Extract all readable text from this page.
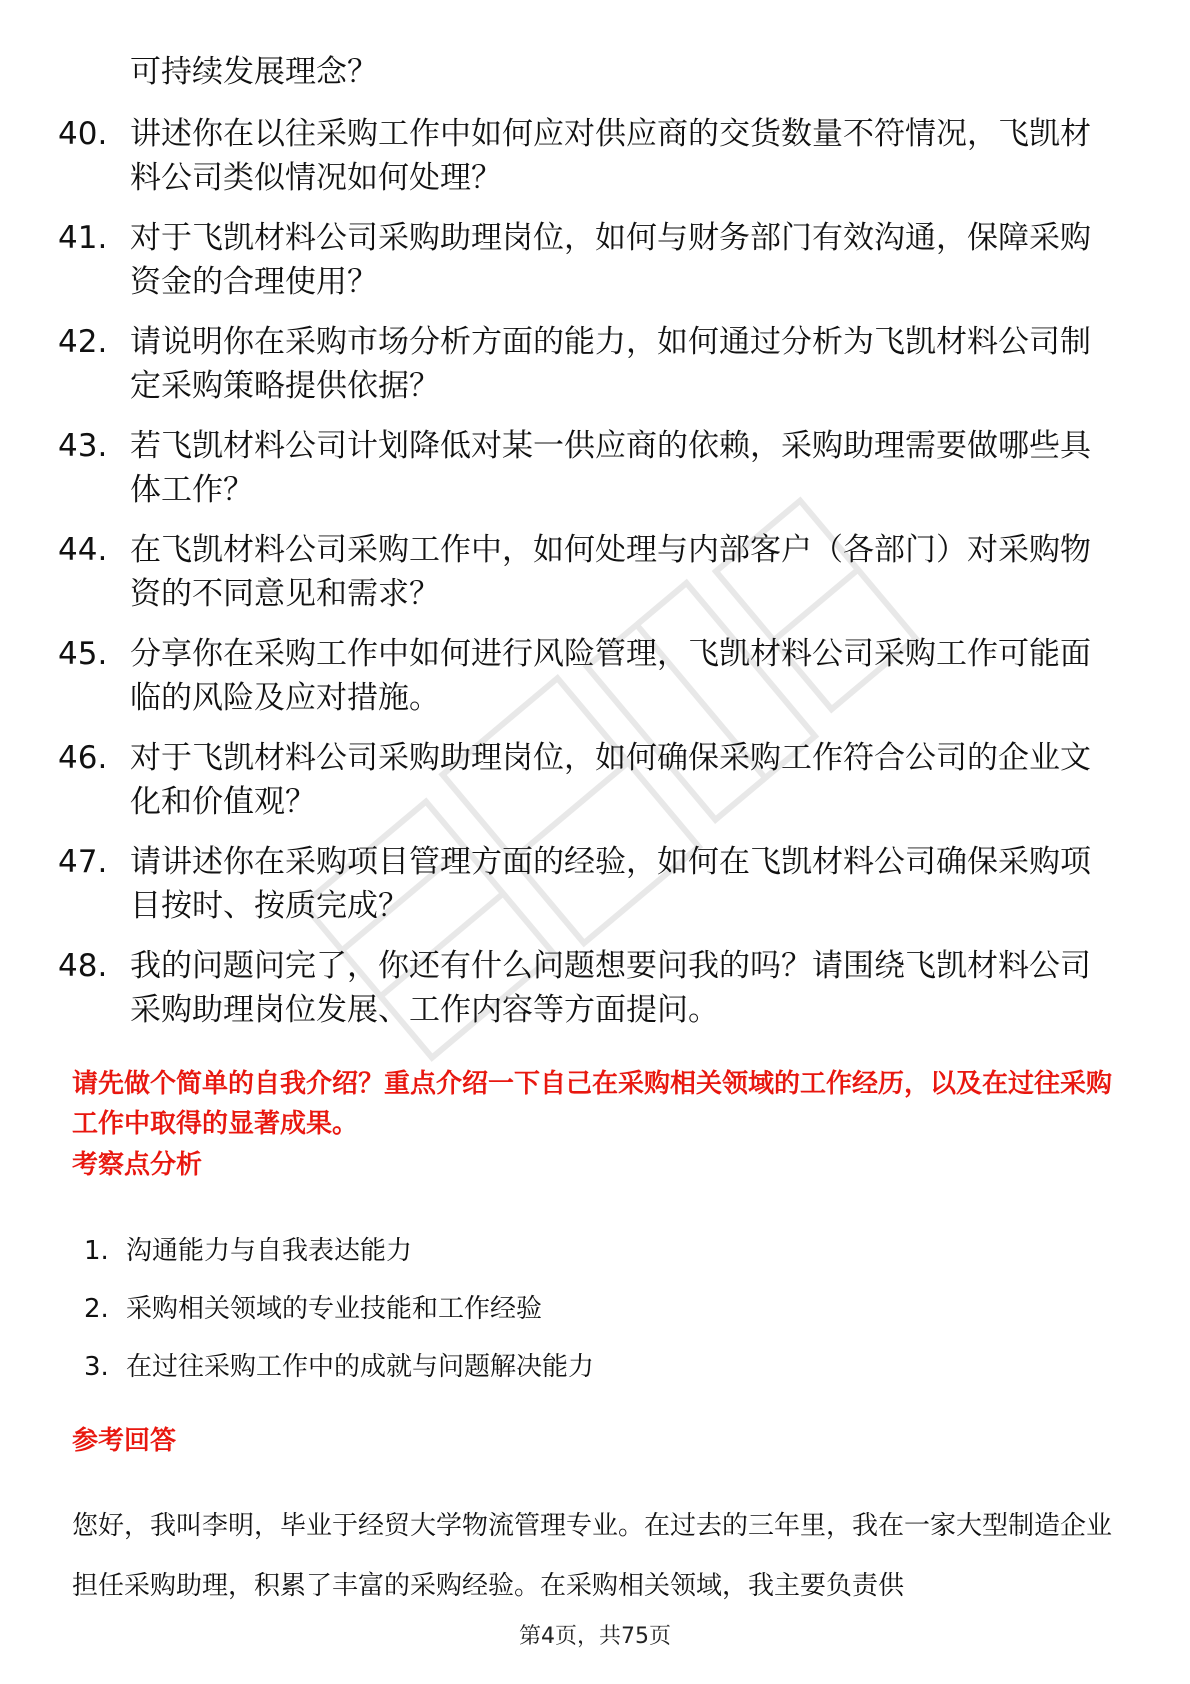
可持续发展理念？
40. 讲述你在以往采购工作中如何应对供应商的交货数量不符情况，飞凯材料公司类似情况如何处理？
41. 对于飞凯材料公司采购助理岗位，如何与财务部门有效沟通，保障采购资金的合理使用？
42. 请说明你在采购市场分析方面的能力，如何通过分析为飞凯材料公司制定采购策略提供依据？
43. 若飞凯材料公司计划降低对某一供应商的依赖，采购助理需要做哪些具体工作？
44. 在飞凯材料公司采购工作中，如何处理与内部客户（各部门）对采购物资的不同意见和需求？
45. 分享你在采购工作中如何进行风险管理，飞凯材料公司采购工作可能面临的风险及应对措施。
46. 对于飞凯材料公司采购助理岗位，如何确保采购工作符合公司的企业文化和价值观？
47. 请讲述你在采购项目管理方面的经验，如何在飞凯材料公司确保采购项目按时、按质完成？
48. 我的问题问完了，你还有什么问题想要问我的吗？请围绕飞凯材料公司采购助理岗位发展、工作内容等方面提问。
请先做个简单的自我介绍？重点介绍一下自己在采购相关领域的工作经历，以及在过往采购工作中取得的显著成果。
考察点分析
1. 沟通能力与自我表达能力
2. 采购相关领域的专业技能和工作经验
3. 在过往采购工作中的成就与问题解决能力
参考回答
您好，我叫李明，毕业于经贸大学物流管理专业。在过去的三年里，我在一家大型制造企业担任采购助理，积累了丰富的采购经验。在采购相关领域，我主要负责供
第4页，共75页
